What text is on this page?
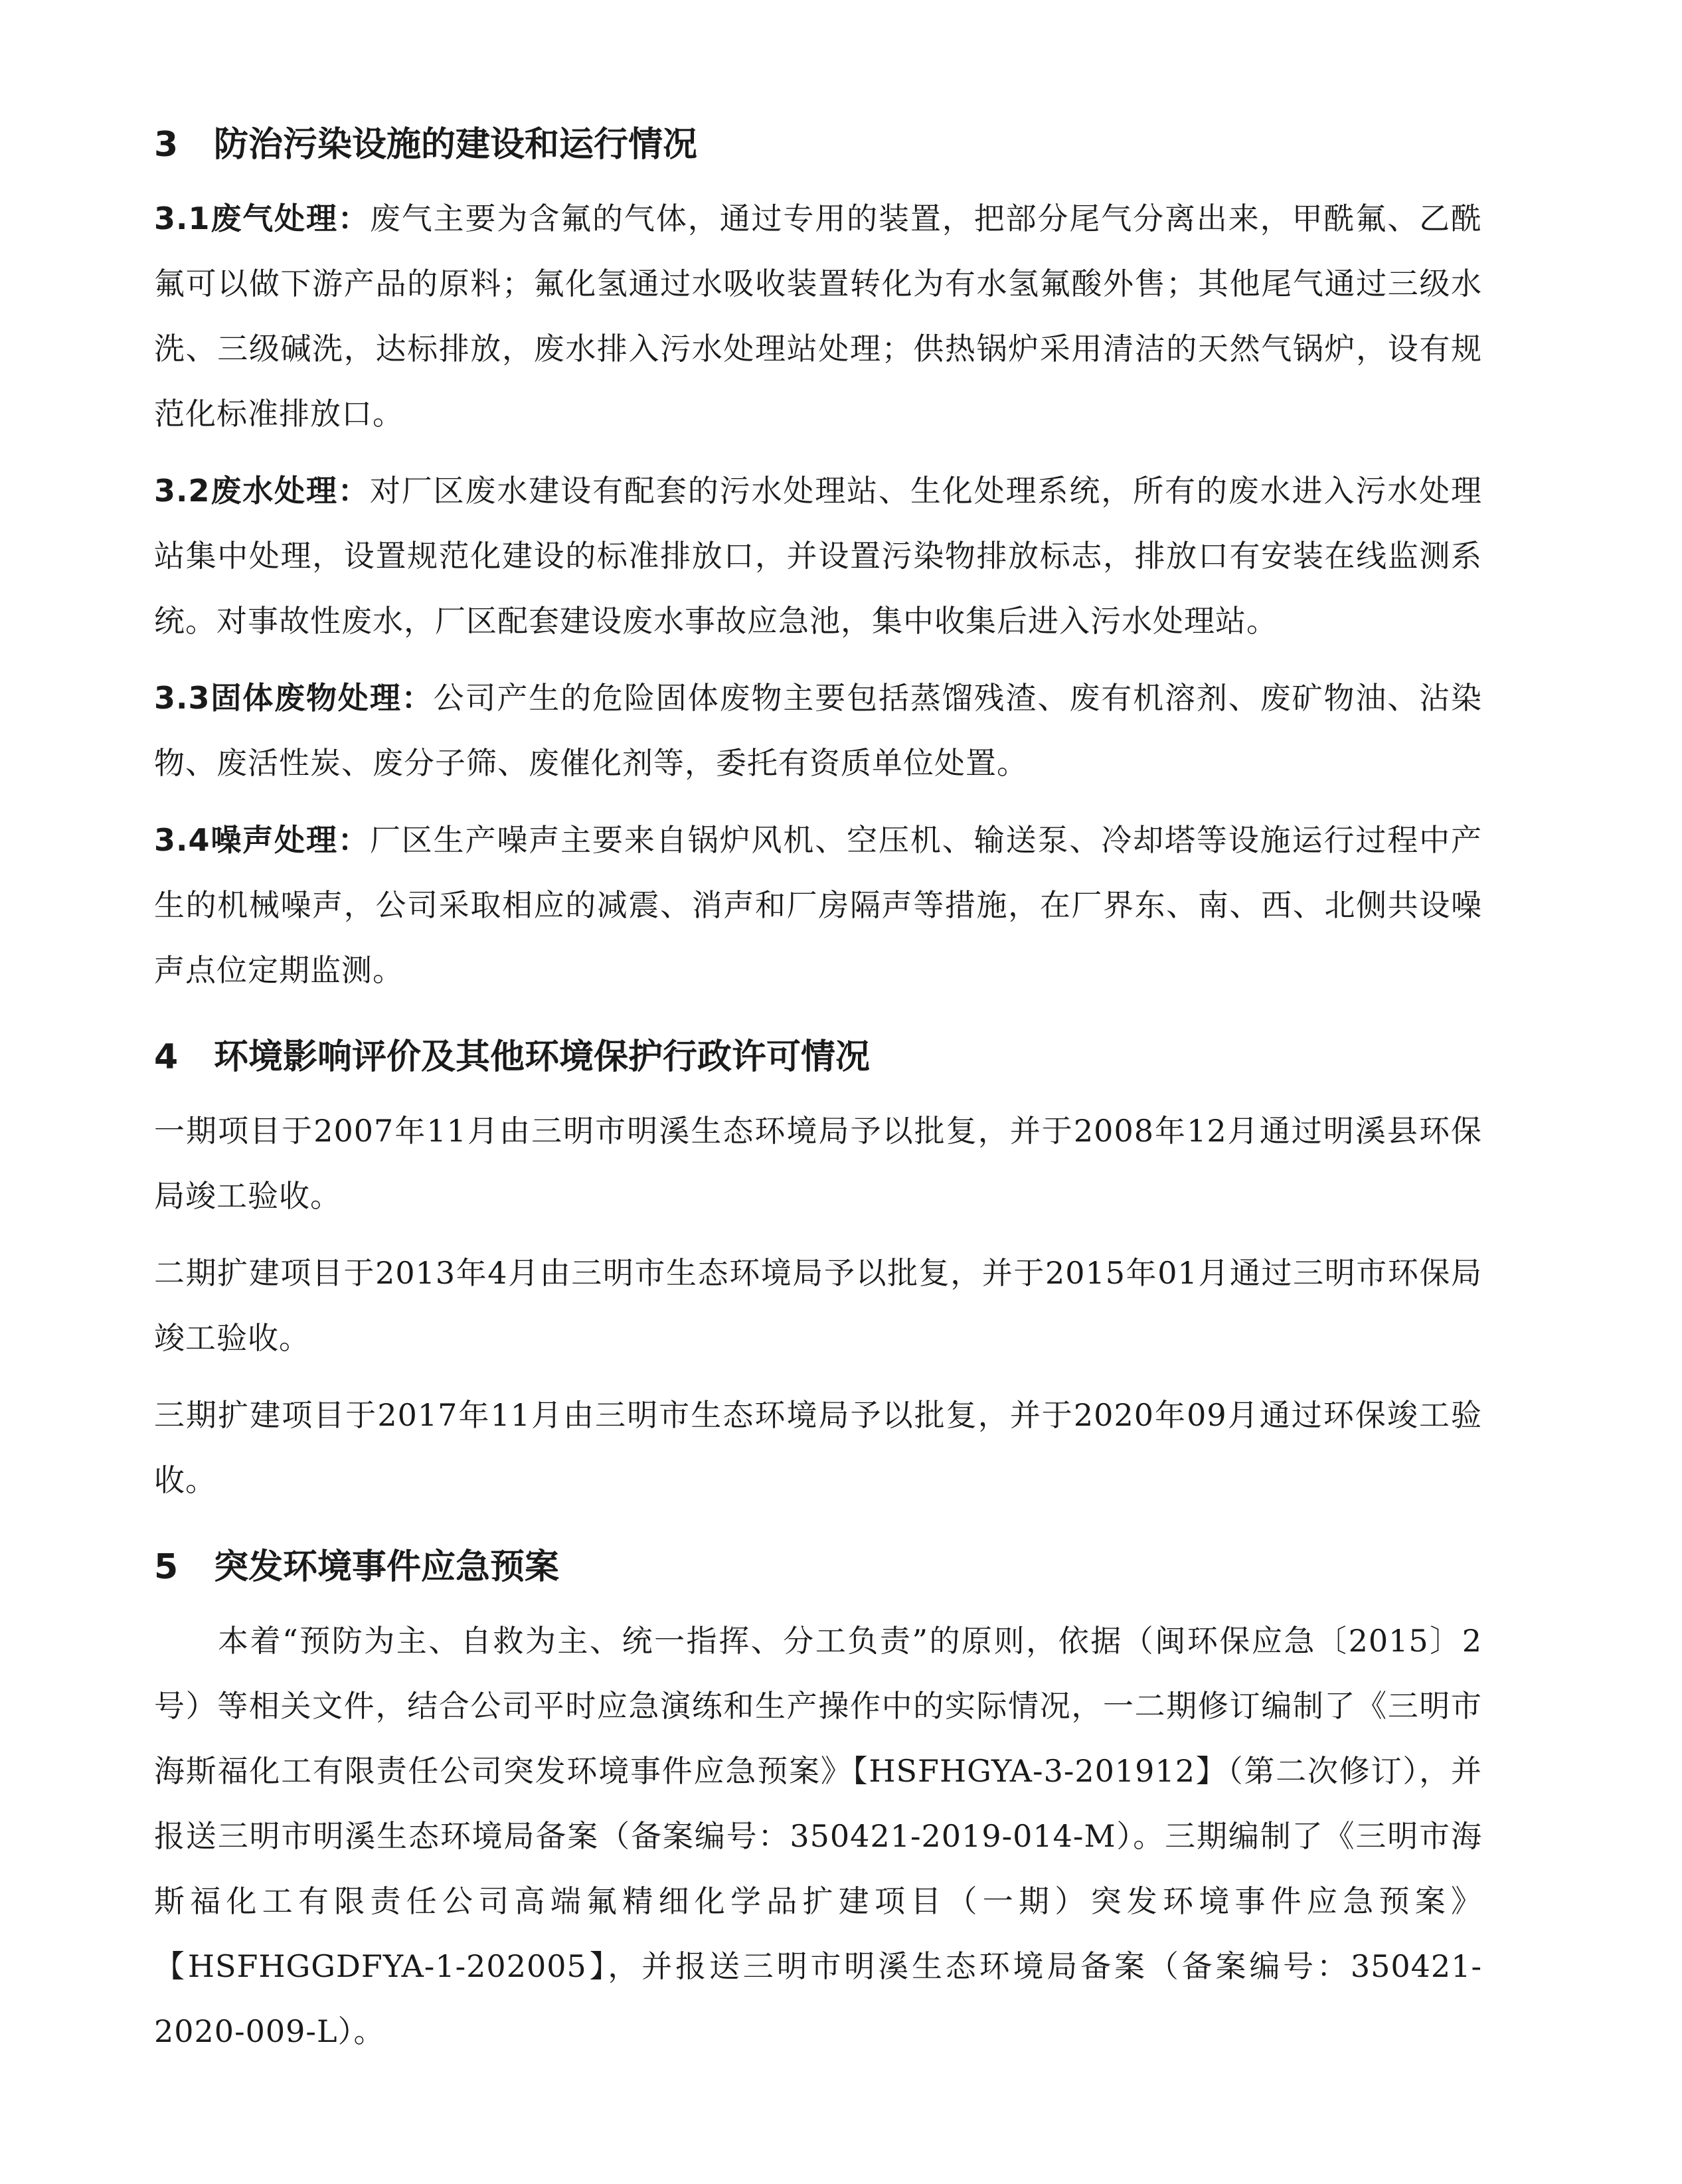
3 防治污染设施的建设和运行情况

3.1废气处理：废气主要为含氟的气体，通过专用的装置，把部分尾气分离出来，甲酰氟、乙酰氟可以做下游产品的原料；氟化氢通过水吸收装置转化为有水氢氟酸外售；其他尾气通过三级水洗、三级碱洗，达标排放，废水排入污水处理站处理；供热锅炉采用清洁的天然气锅炉，设有规范化标准排放口。

3.2废水处理：对厂区废水建设有配套的污水处理站、生化处理系统，所有的废水进入污水处理站集中处理，设置规范化建设的标准排放口，并设置污染物排放标志，排放口有安装在线监测系统。对事故性废水，厂区配套建设废水事故应急池，集中收集后进入污水处理站。

3.3固体废物处理：公司产生的危险固体废物主要包括蒸馏残渣、废有机溶剂、废矿物油、沾染物、废活性炭、废分子筛、废催化剂等，委托有资质单位处置。

3.4噪声处理：厂区生产噪声主要来自锅炉风机、空压机、输送泵、冷却塔等设施运行过程中产生的机械噪声，公司采取相应的减震、消声和厂房隔声等措施，在厂界东、南、西、北侧共设噪声点位定期监测。

4 环境影响评价及其他环境保护行政许可情况

一期项目于2007年11月由三明市明溪生态环境局予以批复，并于2008年12月通过明溪县环保局竣工验收。

二期扩建项目于2013年4月由三明市生态环境局予以批复，并于2015年01月通过三明市环保局竣工验收。

三期扩建项目于2017年11月由三明市生态环境局予以批复，并于2020年09月通过环保竣工验收。

5 突发环境事件应急预案

本着“预防为主、自救为主、统一指挥、分工负责”的原则，依据（闽环保应急〔2015〕2号）等相关文件，结合公司平时应急演练和生产操作中的实际情况，一二期修订编制了《三明市海斯福化工有限责任公司突发环境事件应急预案》【HSFHGYA-3-201912】（第二次修订），并报送三明市明溪生态环境局备案（备案编号：350421-2019-014-M）。三期编制了《三明市海斯福化工有限责任公司高端氟精细化学品扩建项目（一期）突发环境事件应急预案》【HSFHGGDFYA-1-202005】，并报送三明市明溪生态环境局备案（备案编号：350421-2020-009-L）。
